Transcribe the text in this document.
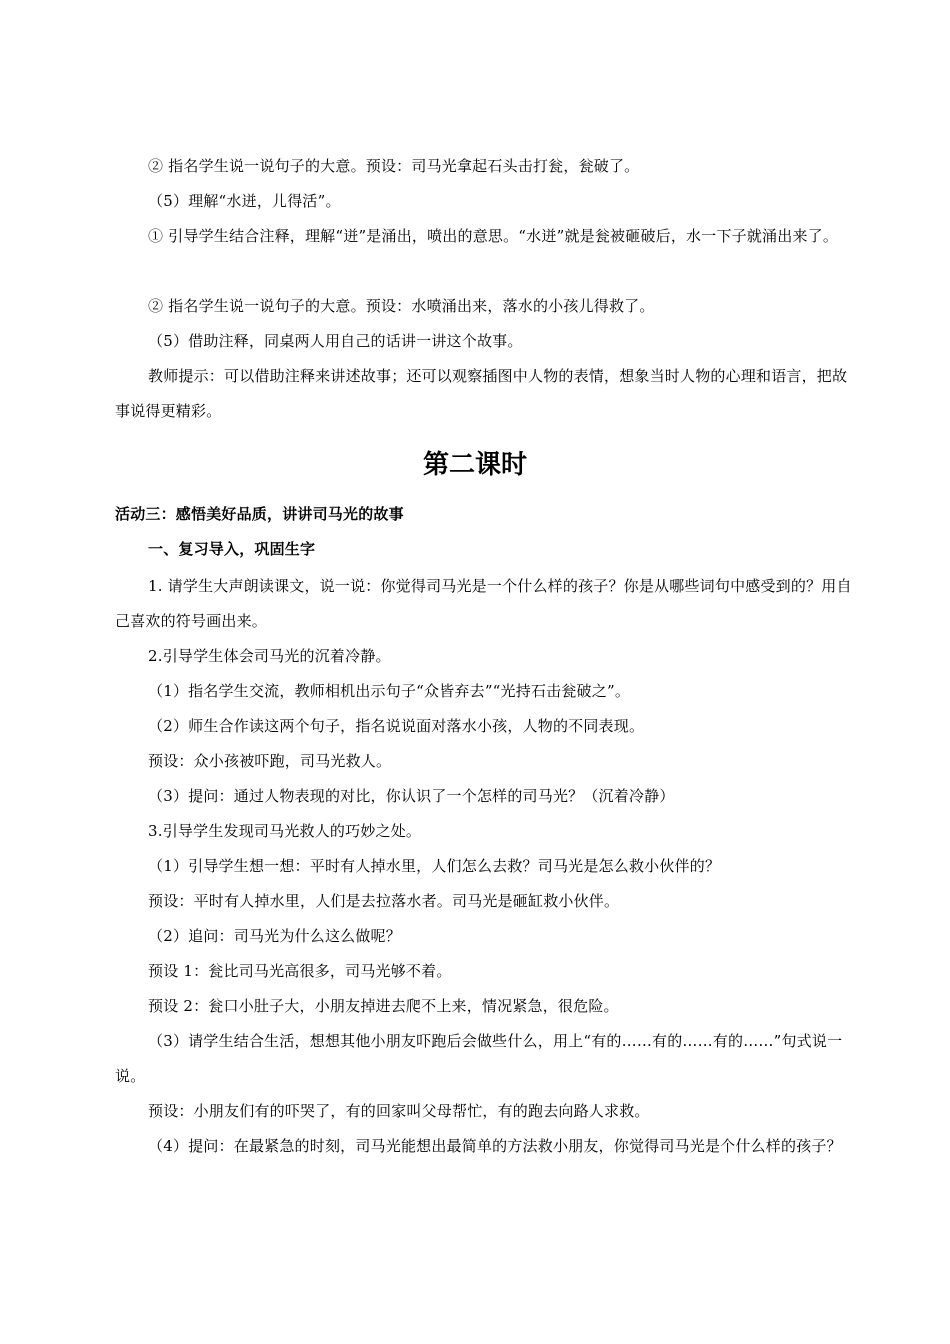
② 指名学生说一说句子的大意。预设：司马光拿起石头击打瓮，瓮破了。

（5）理解“水迸，儿得活”。

① 引导学生结合注释，理解“迸”是涌出，喷出的意思。“水迸”就是瓮被砸破后，水一下子就涌出来了。

② 指名学生说一说句子的大意。预设：水喷涌出来，落水的小孩儿得救了。

（5）借助注释，同桌两人用自己的话讲一讲这个故事。

教师提示：可以借助注释来讲述故事；还可以观察插图中人物的表情，想象当时人物的心理和语言，把故事说得更精彩。

第二课时

活动三：感悟美好品质，讲讲司马光的故事

一、复习导入，巩固生字

1. 请学生大声朗读课文，说一说：你觉得司马光是一个什么样的孩子？你是从哪些词句中感受到的？用自己喜欢的符号画出来。

2.引导学生体会司马光的沉着冷静。

（1）指名学生交流，教师相机出示句子“众皆弃去”“光持石击瓮破之”。

（2）师生合作读这两个句子，指名说说面对落水小孩，人物的不同表现。

预设：众小孩被吓跑，司马光救人。

（3）提问：通过人物表现的对比，你认识了一个怎样的司马光？（沉着冷静）

3.引导学生发现司马光救人的巧妙之处。

（1）引导学生想一想：平时有人掉水里，人们怎么去救？司马光是怎么救小伙伴的？

预设：平时有人掉水里，人们是去拉落水者。司马光是砸缸救小伙伴。

（2）追问：司马光为什么这么做呢？

预设 1：瓮比司马光高很多，司马光够不着。

预设 2：瓮口小肚子大，小朋友掉进去爬不上来，情况紧急，很危险。

（3）请学生结合生活，想想其他小朋友吓跑后会做些什么，用上“有的……有的……有的……”句式说一说。

预设：小朋友们有的吓哭了，有的回家叫父母帮忙，有的跑去向路人求救。

（4）提问：在最紧急的时刻，司马光能想出最简单的方法救小朋友，你觉得司马光是个什么样的孩子？
